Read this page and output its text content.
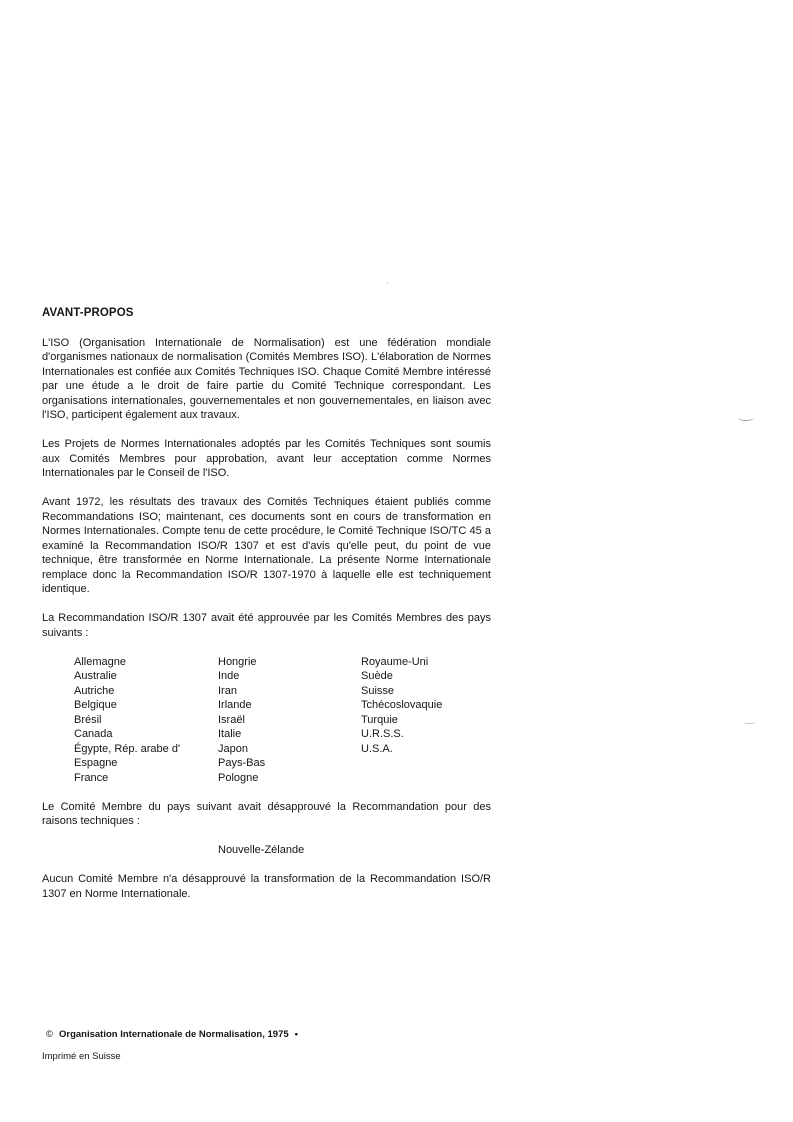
AVANT-PROPOS

L'ISO (Organisation Internationale de Normalisation) est une fédération mondiale d'organismes nationaux de normalisation (Comités Membres ISO). L'élaboration de Normes Internationales est confiée aux Comités Techniques ISO. Chaque Comité Membre intéressé par une étude a le droit de faire partie du Comité Technique correspondant. Les organisations internationales, gouvernementales et non gouvernementales, en liaison avec l'ISO, participent également aux travaux.

Les Projets de Normes Internationales adoptés par les Comités Techniques sont soumis aux Comités Membres pour approbation, avant leur acceptation comme Normes Internationales par le Conseil de l'ISO.

Avant 1972, les résultats des travaux des Comités Techniques étaient publiés comme Recommandations ISO; maintenant, ces documents sont en cours de transformation en Normes Internationales. Compte tenu de cette procédure, le Comité Technique ISO/TC 45 a examiné la Recommandation ISO/R 1307 et est d'avis qu'elle peut, du point de vue technique, être transformée en Norme Internationale. La présente Norme Internationale remplace donc la Recommandation ISO/R 1307-1970 à laquelle elle est techniquement identique.

La Recommandation ISO/R 1307 avait été approuvée par les Comités Membres des pays suivants :

Allemagne
Australie
Autriche
Belgique
Brésil
Canada
Égypte, Rép. arabe d'
Espagne
France
Hongrie
Inde
Iran
Irlande
Israël
Italie
Japon
Pays-Bas
Pologne
Royaume-Uni
Suède
Suisse
Tchécoslovaquie
Turquie
U.R.S.S.
U.S.A.

Le Comité Membre du pays suivant avait désapprouvé la Recommandation pour des raisons techniques :

Nouvelle-Zélande

Aucun Comité Membre n'a désapprouvé la transformation de la Recommandation ISO/R 1307 en Norme Internationale.

© Organisation Internationale de Normalisation, 1975 •
Imprimé en Suisse
